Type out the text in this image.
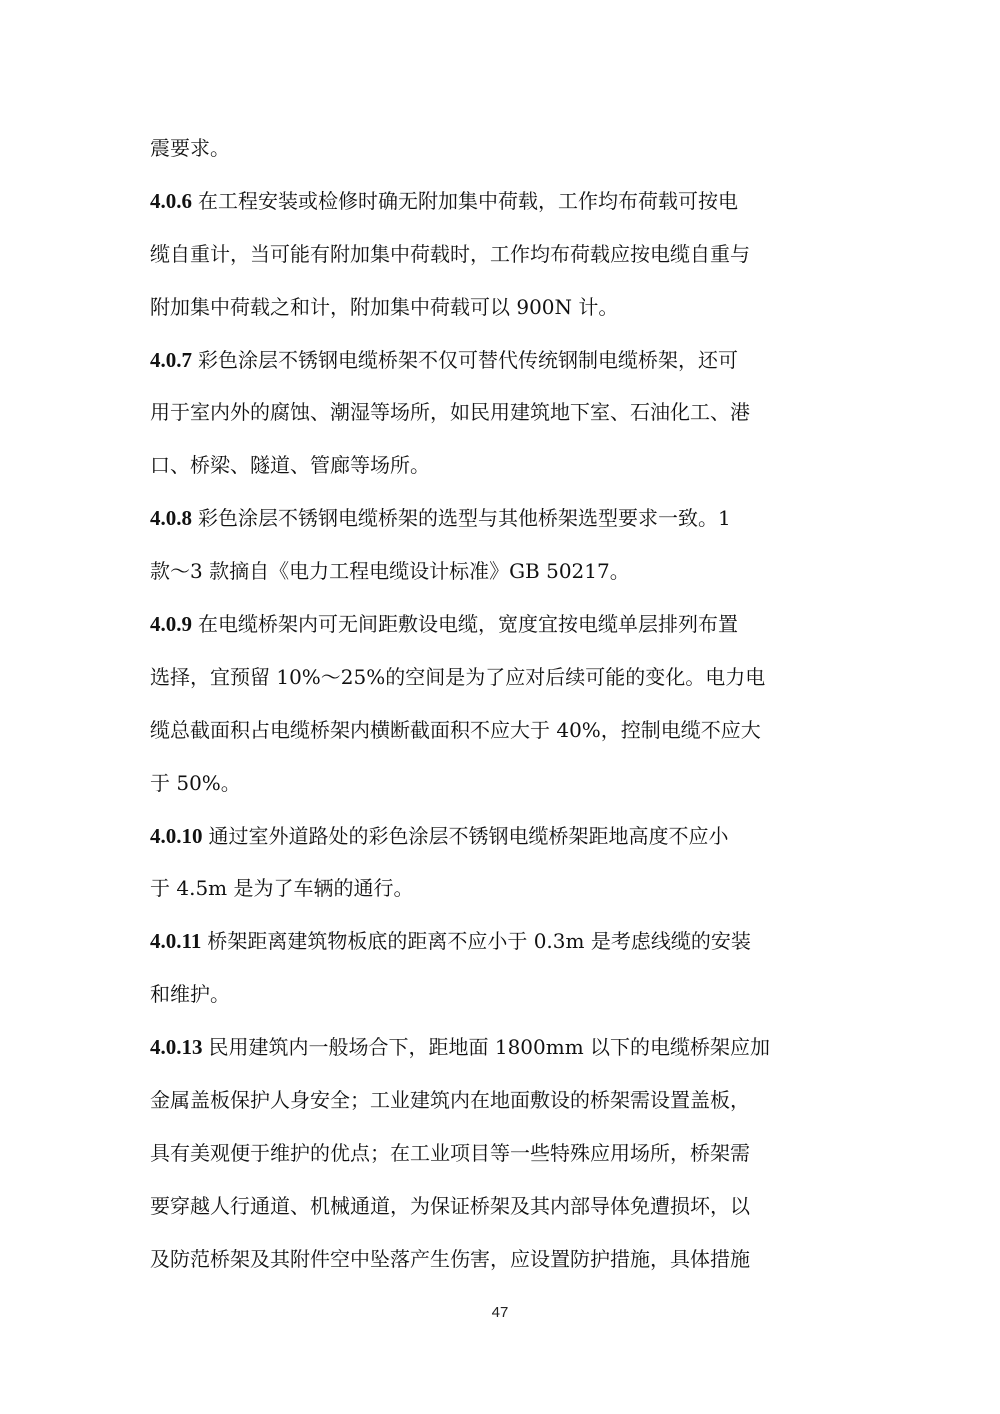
震要求。
4.0.6 在工程安装或检修时确无附加集中荷载，工作均布荷载可按电
缆自重计，当可能有附加集中荷载时，工作均布荷载应按电缆自重与
附加集中荷载之和计，附加集中荷载可以 900N 计。
4.0.7 彩色涂层不锈钢电缆桥架不仅可替代传统钢制电缆桥架，还可
用于室内外的腐蚀、潮湿等场所，如民用建筑地下室、石油化工、港
口、桥梁、隧道、管廊等场所。
4.0.8 彩色涂层不锈钢电缆桥架的选型与其他桥架选型要求一致。1
款～3 款摘自《电力工程电缆设计标准》GB 50217。
4.0.9 在电缆桥架内可无间距敷设电缆，宽度宜按电缆单层排列布置
选择，宜预留 10%～25%的空间是为了应对后续可能的变化。电力电
缆总截面积占电缆桥架内横断截面积不应大于 40%，控制电缆不应大
于 50%。
4.0.10 通过室外道路处的彩色涂层不锈钢电缆桥架距地高度不应小
于 4.5m 是为了车辆的通行。
4.0.11 桥架距离建筑物板底的距离不应小于 0.3m 是考虑线缆的安装
和维护。
4.0.13 民用建筑内一般场合下，距地面 1800mm 以下的电缆桥架应加
金属盖板保护人身安全；工业建筑内在地面敷设的桥架需设置盖板，
具有美观便于维护的优点；在工业项目等一些特殊应用场所，桥架需
要穿越人行通道、机械通道，为保证桥架及其内部导体免遭损坏，以
及防范桥架及其附件空中坠落产生伤害，应设置防护措施，具体措施
47
